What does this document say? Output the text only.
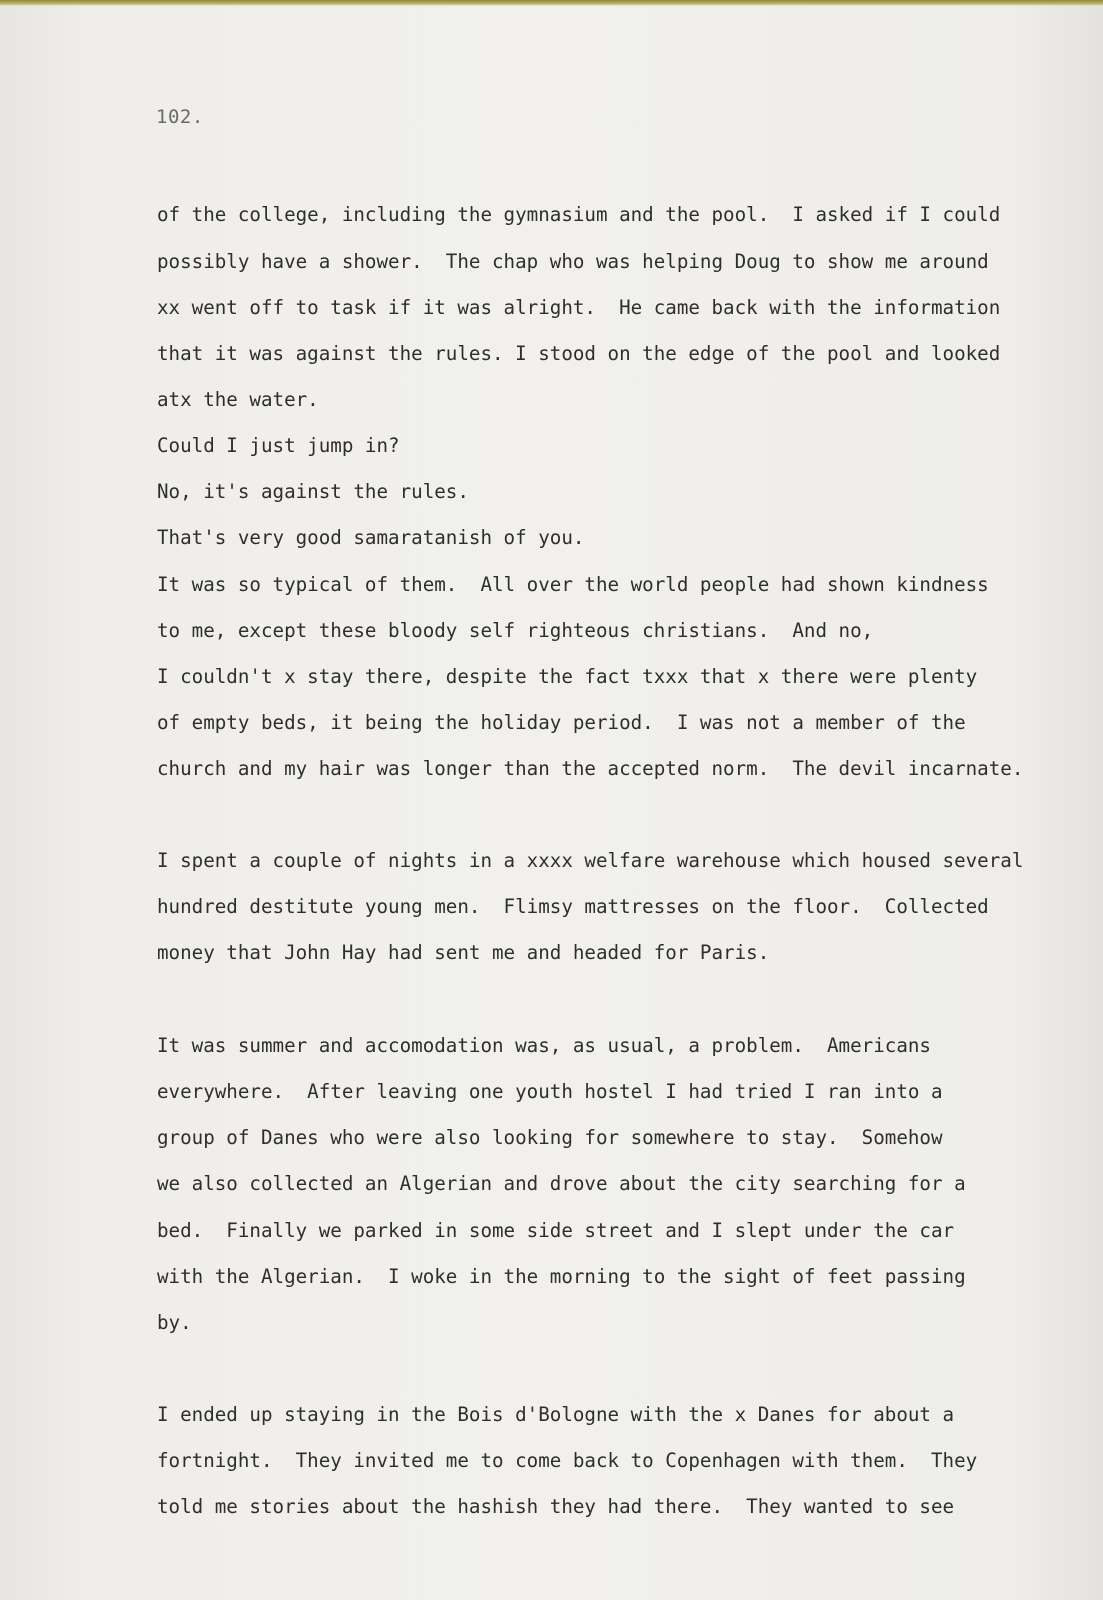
102.
of the college, including the gymnasium and the pool.  I asked if I could
possibly have a shower.  The chap who was helping Doug to show me around
xx went off to task if it was alright.  He came back with the information
that it was against the rules. I stood on the edge of the pool and looked
atx the water.
Could I just jump in?
No, it's against the rules.
That's very good samaratanish of you.
It was so typical of them.  All over the world people had shown kindness
to me, except these bloody self righteous christians.  And no,
I couldn't x stay there, despite the fact txxx that x there were plenty
of empty beds, it being the holiday period.  I was not a member of the
church and my hair was longer than the accepted norm.  The devil incarnate.
I spent a couple of nights in a xxxx welfare warehouse which housed several
hundred destitute young men.  Flimsy mattresses on the floor.  Collected
money that John Hay had sent me and headed for Paris.
It was summer and accomodation was, as usual, a problem.  Americans
everywhere.  After leaving one youth hostel I had tried I ran into a
group of Danes who were also looking for somewhere to stay.  Somehow
we also collected an Algerian and drove about the city searching for a
bed.  Finally we parked in some side street and I slept under the car
with the Algerian.  I woke in the morning to the sight of feet passing
by.
I ended up staying in the Bois d'Bologne with the x Danes for about a
fortnight.  They invited me to come back to Copenhagen with them.  They
told me stories about the hashish they had there.  They wanted to see
